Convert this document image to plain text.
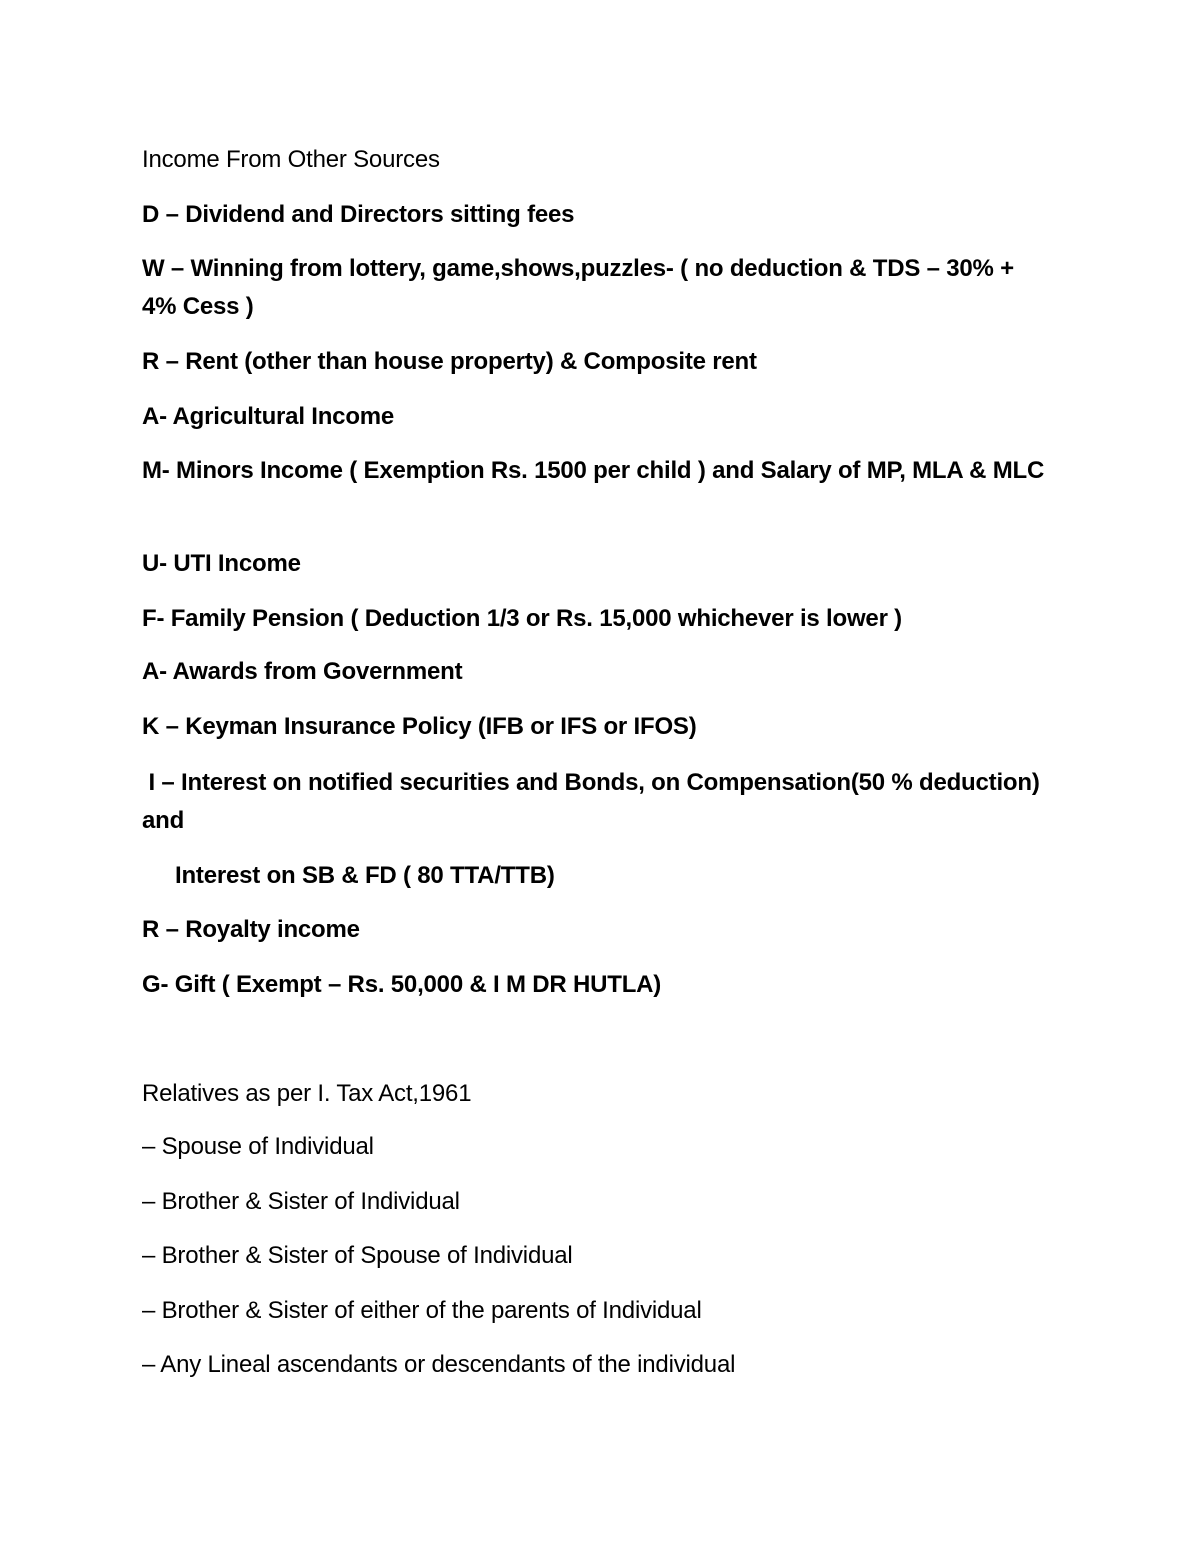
Income From Other Sources
D – Dividend and Directors sitting fees
W – Winning from lottery, game,shows,puzzles- ( no deduction & TDS – 30% + 4% Cess )
R – Rent (other than house property) & Composite rent
A- Agricultural Income
M- Minors Income ( Exemption Rs. 1500 per child ) and Salary of MP, MLA & MLC
U- UTI Income
F- Family Pension ( Deduction 1/3 or Rs. 15,000 whichever is lower )
A- Awards from Government
K – Keyman Insurance Policy (IFB or IFS or IFOS)
I – Interest on notified securities and Bonds, on Compensation(50 % deduction) and
Interest on SB & FD ( 80 TTA/TTB)
R – Royalty income
G- Gift ( Exempt – Rs. 50,000 & I M DR HUTLA)
Relatives as per I. Tax Act,1961
– Spouse of Individual
– Brother & Sister of Individual
– Brother & Sister of Spouse of Individual
– Brother & Sister of either of the parents of Individual
– Any Lineal ascendants or descendants of the individual
